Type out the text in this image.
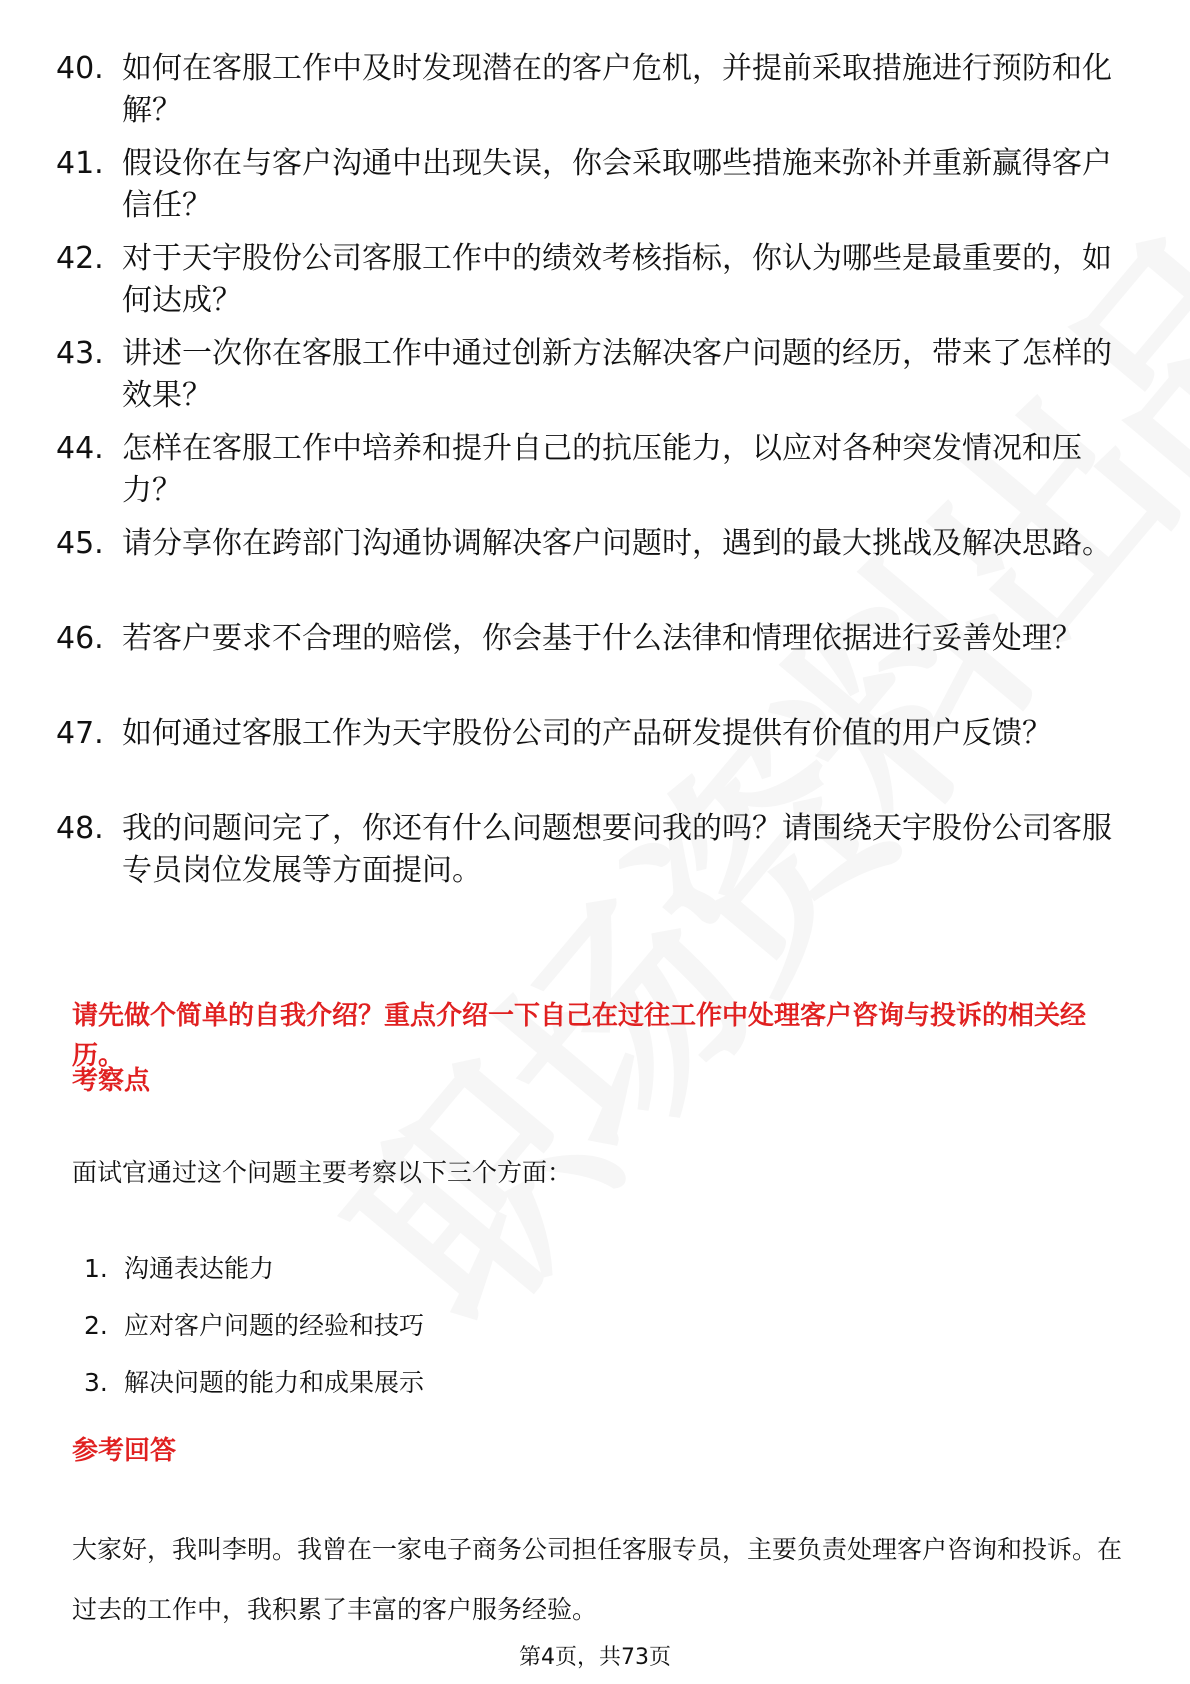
40. 如何在客服工作中及时发现潜在的客户危机，并提前采取措施进行预防和化解？
41. 假设你在与客户沟通中出现失误，你会采取哪些措施来弥补并重新赢得客户信任？
42. 对于天宇股份公司客服工作中的绩效考核指标，你认为哪些是最重要的，如何达成？
43. 讲述一次你在客服工作中通过创新方法解决客户问题的经历，带来了怎样的效果？
44. 怎样在客服工作中培养和提升自己的抗压能力，以应对各种突发情况和压力？
45. 请分享你在跨部门沟通协调解决客户问题时，遇到的最大挑战及解决思路。
46. 若客户要求不合理的赔偿，你会基于什么法律和情理依据进行妥善处理？
47. 如何通过客服工作为天宇股份公司的产品研发提供有价值的用户反馈？
48. 我的问题问完了，你还有什么问题想要问我的吗？请围绕天宇股份公司客服专员岗位发展等方面提问。
请先做个简单的自我介绍？重点介绍一下自己在过往工作中处理客户咨询与投诉的相关经历。
考察点
面试官通过这个问题主要考察以下三个方面：
1. 沟通表达能力
2. 应对客户问题的经验和技巧
3. 解决问题的能力和成果展示
参考回答
大家好，我叫李明。我曾在一家电子商务公司担任客服专员，主要负责处理客户咨询和投诉。在过去的工作中，我积累了丰富的客户服务经验。
第4页，共73页
